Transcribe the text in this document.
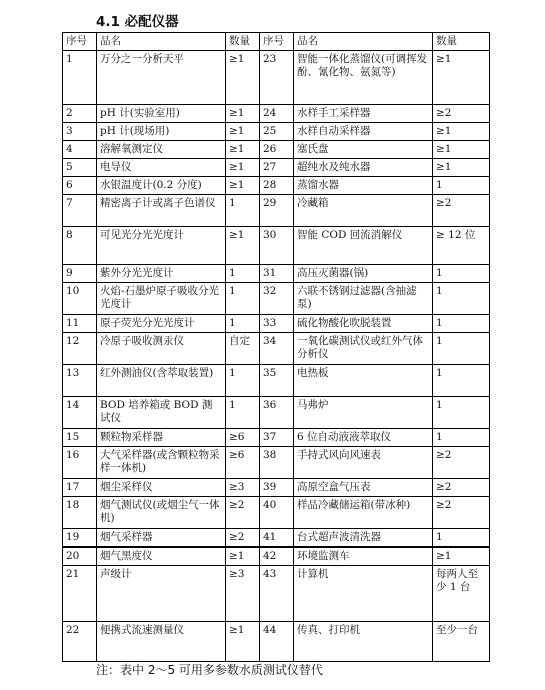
4.1 必配仪器
序号	品名	数量	序号	品名	数量
1	万分之一分析天平	≥1	23	智能一体化蒸馏仪(可调挥发酚、氰化物、氨氮等)	≥1
2	pH 计(实验室用)	≥1	24	水样手工采样器	≥2
3	pH 计(现场用)	≥1	25	水样自动采样器	≥1
4	溶解氧测定仪	≥1	26	塞氏盘	≥1
5	电导仪	≥1	27	超纯水及纯水器	≥1
6	水银温度计(0.2 分度)	≥1	28	蒸馏水器	1
7	精密离子计或离子色谱仪	1	29	冷藏箱	≥2
8	可见光分光光度计	≥1	30	智能 COD 回流消解仪	≥ 12 位
9	紫外分光光度计	1	31	高压灭菌器(锅)	1
10	火焰-石墨炉原子吸收分光光度计	1	32	六联不锈钢过滤器(含抽滤泵)	1
11	原子荧光分光光度计	1	33	硫化物酸化吹脱装置	1
12	冷原子吸收测汞仪	自定	34	一氧化碳测试仪或红外气体分析仪	1
13	红外测油仪(含萃取装置)	1	35	电热板	1
14	BOD 培养箱或 BOD 测试仪	1	36	马弗炉	1
15	颗粒物采样器	≥6	37	6 位自动液液萃取仪	1
16	大气采样器(或含颗粒物采样一体机)	≥6	38	手持式风向风速表	≥2
17	烟尘采样仪	≥3	39	高原空盒气压表	≥2
18	烟气测试仪(或烟尘气一体机)	≥2	40	样品冷藏储运箱(带冰种)	≥2
19	烟气采样器	≥2	41	台式超声波清洗器	1
20	烟气黑度仪	≥1	42	环境监测车	≥1
21	声级计	≥3	43	计算机	每两人至少 1 台
22	便携式流速测量仪	≥1	44	传真、打印机	至少一台
注：表中 2～5 可用多参数水质测试仪替代
